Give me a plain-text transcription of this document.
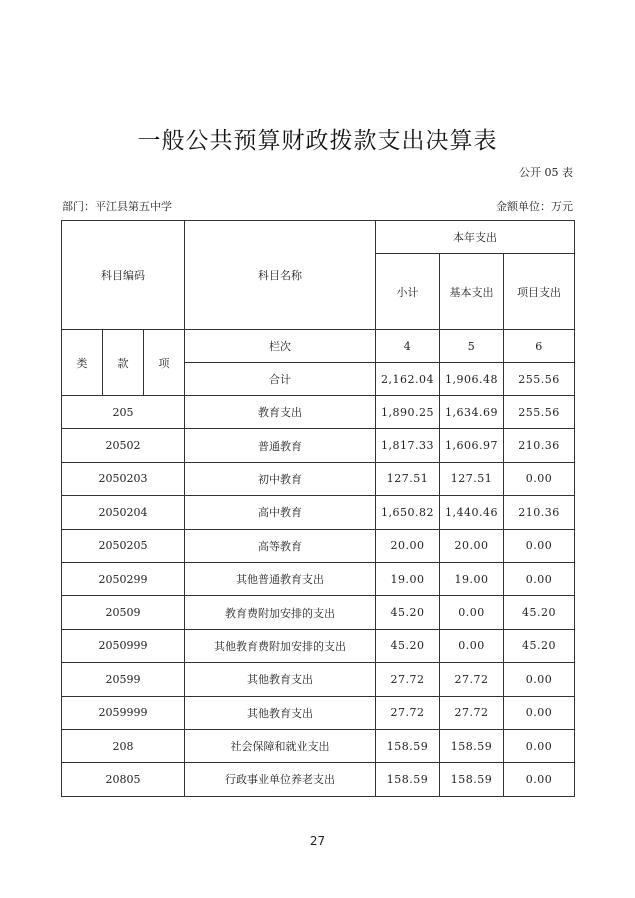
一般公共预算财政拨款支出决算表
公开 05 表
部门：平江县第五中学	金额单位：万元
科目编码			科目名称	本年支出		
				小计	基本支出	项目支出
类	款	项	栏次	4	5	6
			合计	2,162.04	1,906.48	255.56
205			教育支出	1,890.25	1,634.69	255.56
20502			普通教育	1,817.33	1,606.97	210.36
2050203			初中教育	127.51	127.51	0.00
2050204			高中教育	1,650.82	1,440.46	210.36
2050205			高等教育	20.00	20.00	0.00
2050299			其他普通教育支出	19.00	19.00	0.00
20509			教育费附加安排的支出	45.20	0.00	45.20
2050999			其他教育费附加安排的支出	45.20	0.00	45.20
20599			其他教育支出	27.72	27.72	0.00
2059999			其他教育支出	27.72	27.72	0.00
208			社会保障和就业支出	158.59	158.59	0.00
20805			行政事业单位养老支出	158.59	158.59	0.00
27
